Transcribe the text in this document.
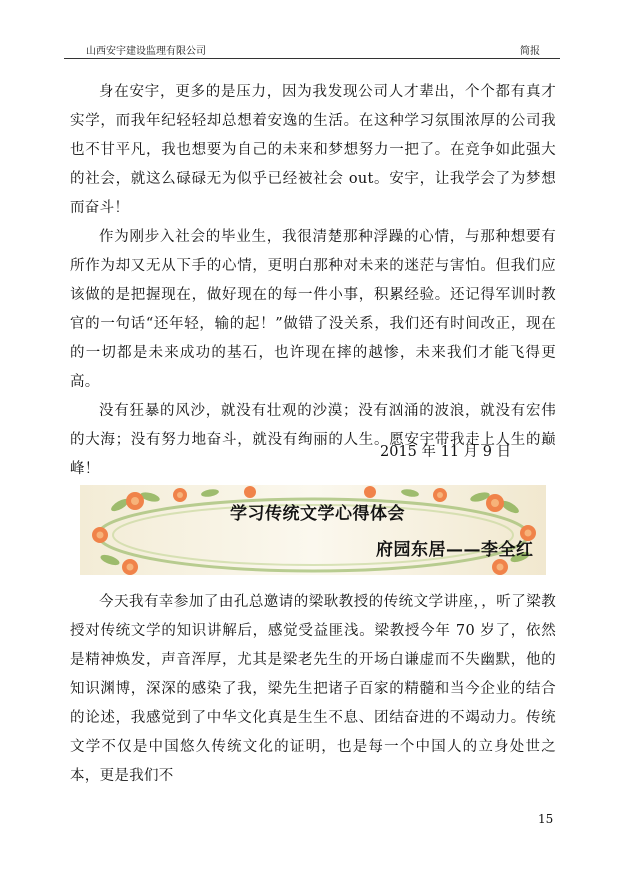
山西安宇建设监理有限公司	简报

身在安宇，更多的是压力，因为我发现公司人才辈出，个个都有真才实学，而我年纪轻轻却总想着安逸的生活。在这种学习氛围浓厚的公司我也不甘平凡，我也想要为自己的未来和梦想努力一把了。在竞争如此强大的社会，就这么碌碌无为似乎已经被社会 out。安宇，让我学会了为梦想而奋斗！

作为刚步入社会的毕业生，我很清楚那种浮躁的心情，与那种想要有所作为却又无从下手的心情，更明白那种对未来的迷茫与害怕。但我们应该做的是把握现在，做好现在的每一件小事，积累经验。还记得军训时教官的一句话“还年轻，输的起！”做错了没关系，我们还有时间改正，现在的一切都是未来成功的基石，也许现在摔的越惨，未来我们才能飞得更高。

没有狂暴的风沙，就没有壮观的沙漠；没有汹涌的波浪，就没有宏伟的大海；没有努力地奋斗，就没有绚丽的人生。愿安宇带我走上人生的巅峰！

2015 年 11 月 9 日
学习传统文学心得体会
府园东居——李全红

今天我有幸参加了由孔总邀请的梁耿教授的传统文学讲座，，听了梁教授对传统文学的知识讲解后，感觉受益匪浅。梁教授今年 70 岁了，依然是精神焕发，声音浑厚，尤其是梁老先生的开场白谦虚而不失幽默，他的知识渊博，深深的感染了我，梁先生把诸子百家的精髓和当今企业的结合的论述，我感觉到了中华文化真是生生不息、团结奋进的不竭动力。传统文学不仅是中国悠久传统文化的证明，也是每一个中国人的立身处世之本，更是我们不

15
